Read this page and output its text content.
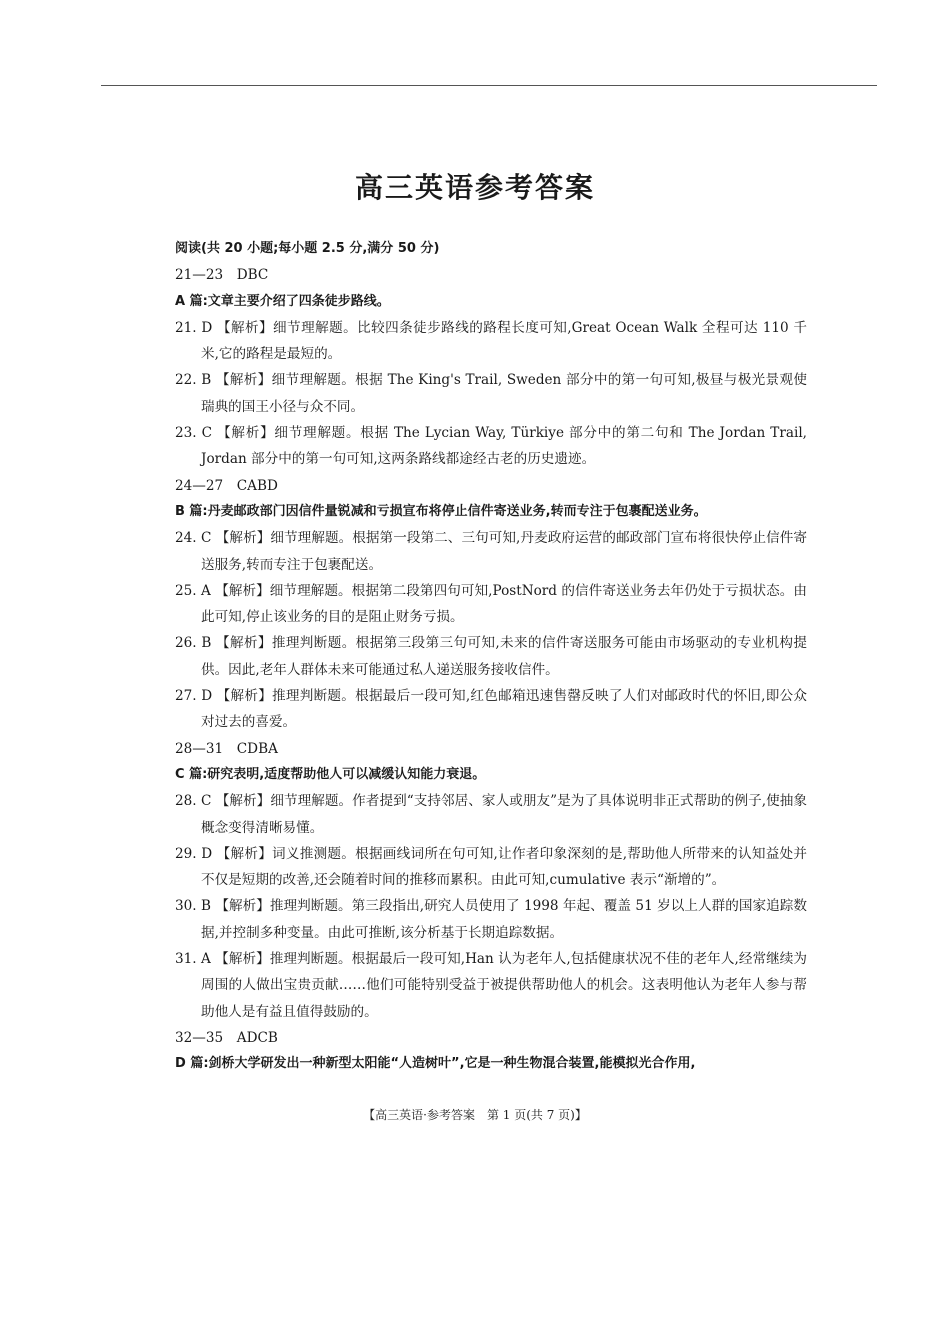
高三英语参考答案
阅读(共 20 小题;每小题 2.5 分,满分 50 分)
21—23　DBC
A 篇:文章主要介绍了四条徒步路线。
21. D 【解析】细节理解题。比较四条徒步路线的路程长度可知,Great Ocean Walk 全程可达 110 千米,它的路程是最短的。
22. B 【解析】细节理解题。根据 The King's Trail, Sweden 部分中的第一句可知,极昼与极光景观使瑞典的国王小径与众不同。
23. C 【解析】细节理解题。根据 The Lycian Way, Türkiye 部分中的第二句和 The Jordan Trail, Jordan 部分中的第一句可知,这两条路线都途经古老的历史遗迹。
24—27　CABD
B 篇:丹麦邮政部门因信件量锐减和亏损宣布将停止信件寄送业务,转而专注于包裹配送业务。
24. C 【解析】细节理解题。根据第一段第二、三句可知,丹麦政府运营的邮政部门宣布将很快停止信件寄送服务,转而专注于包裹配送。
25. A 【解析】细节理解题。根据第二段第四句可知,PostNord 的信件寄送业务去年仍处于亏损状态。由此可知,停止该业务的目的是阻止财务亏损。
26. B 【解析】推理判断题。根据第三段第三句可知,未来的信件寄送服务可能由市场驱动的专业机构提供。因此,老年人群体未来可能通过私人递送服务接收信件。
27. D 【解析】推理判断题。根据最后一段可知,红色邮箱迅速售罄反映了人们对邮政时代的怀旧,即公众对过去的喜爱。
28—31　CDBA
C 篇:研究表明,适度帮助他人可以减缓认知能力衰退。
28. C 【解析】细节理解题。作者提到“支持邻居、家人或朋友”是为了具体说明非正式帮助的例子,使抽象概念变得清晰易懂。
29. D 【解析】词义推测题。根据画线词所在句可知,让作者印象深刻的是,帮助他人所带来的认知益处并不仅是短期的改善,还会随着时间的推移而累积。由此可知,cumulative 表示“渐增的”。
30. B 【解析】推理判断题。第三段指出,研究人员使用了 1998 年起、覆盖 51 岁以上人群的国家追踪数据,并控制多种变量。由此可推断,该分析基于长期追踪数据。
31. A 【解析】推理判断题。根据最后一段可知,Han 认为老年人,包括健康状况不佳的老年人,经常继续为周围的人做出宝贵贡献……他们可能特别受益于被提供帮助他人的机会。这表明他认为老年人参与帮助他人是有益且值得鼓励的。
32—35　ADCB
D 篇:剑桥大学研发出一种新型太阳能“人造树叶”,它是一种生物混合装置,能模拟光合作用,
【高三英语·参考答案　第 1 页(共 7 页)】
